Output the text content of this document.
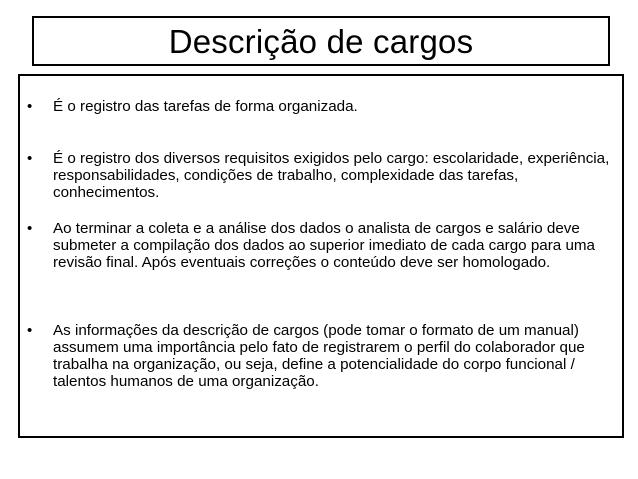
Descrição de cargos
• É o registro das tarefas de forma organizada.
• É o registro dos diversos requisitos exigidos pelo cargo: escolaridade, experiência, responsabilidades, condições de trabalho, complexidade das tarefas, conhecimentos.
• Ao terminar a coleta e a análise dos dados o analista de cargos e salário deve submeter a compilação dos dados ao superior imediato de cada cargo para uma revisão final. Após eventuais correções o conteúdo deve ser homologado.
• As informações da descrição de cargos (pode tomar o formato de um manual) assumem uma importância pelo fato de registrarem o perfil do colaborador que trabalha na organização, ou seja, define a potencialidade do corpo funcional / talentos humanos de uma organização.
